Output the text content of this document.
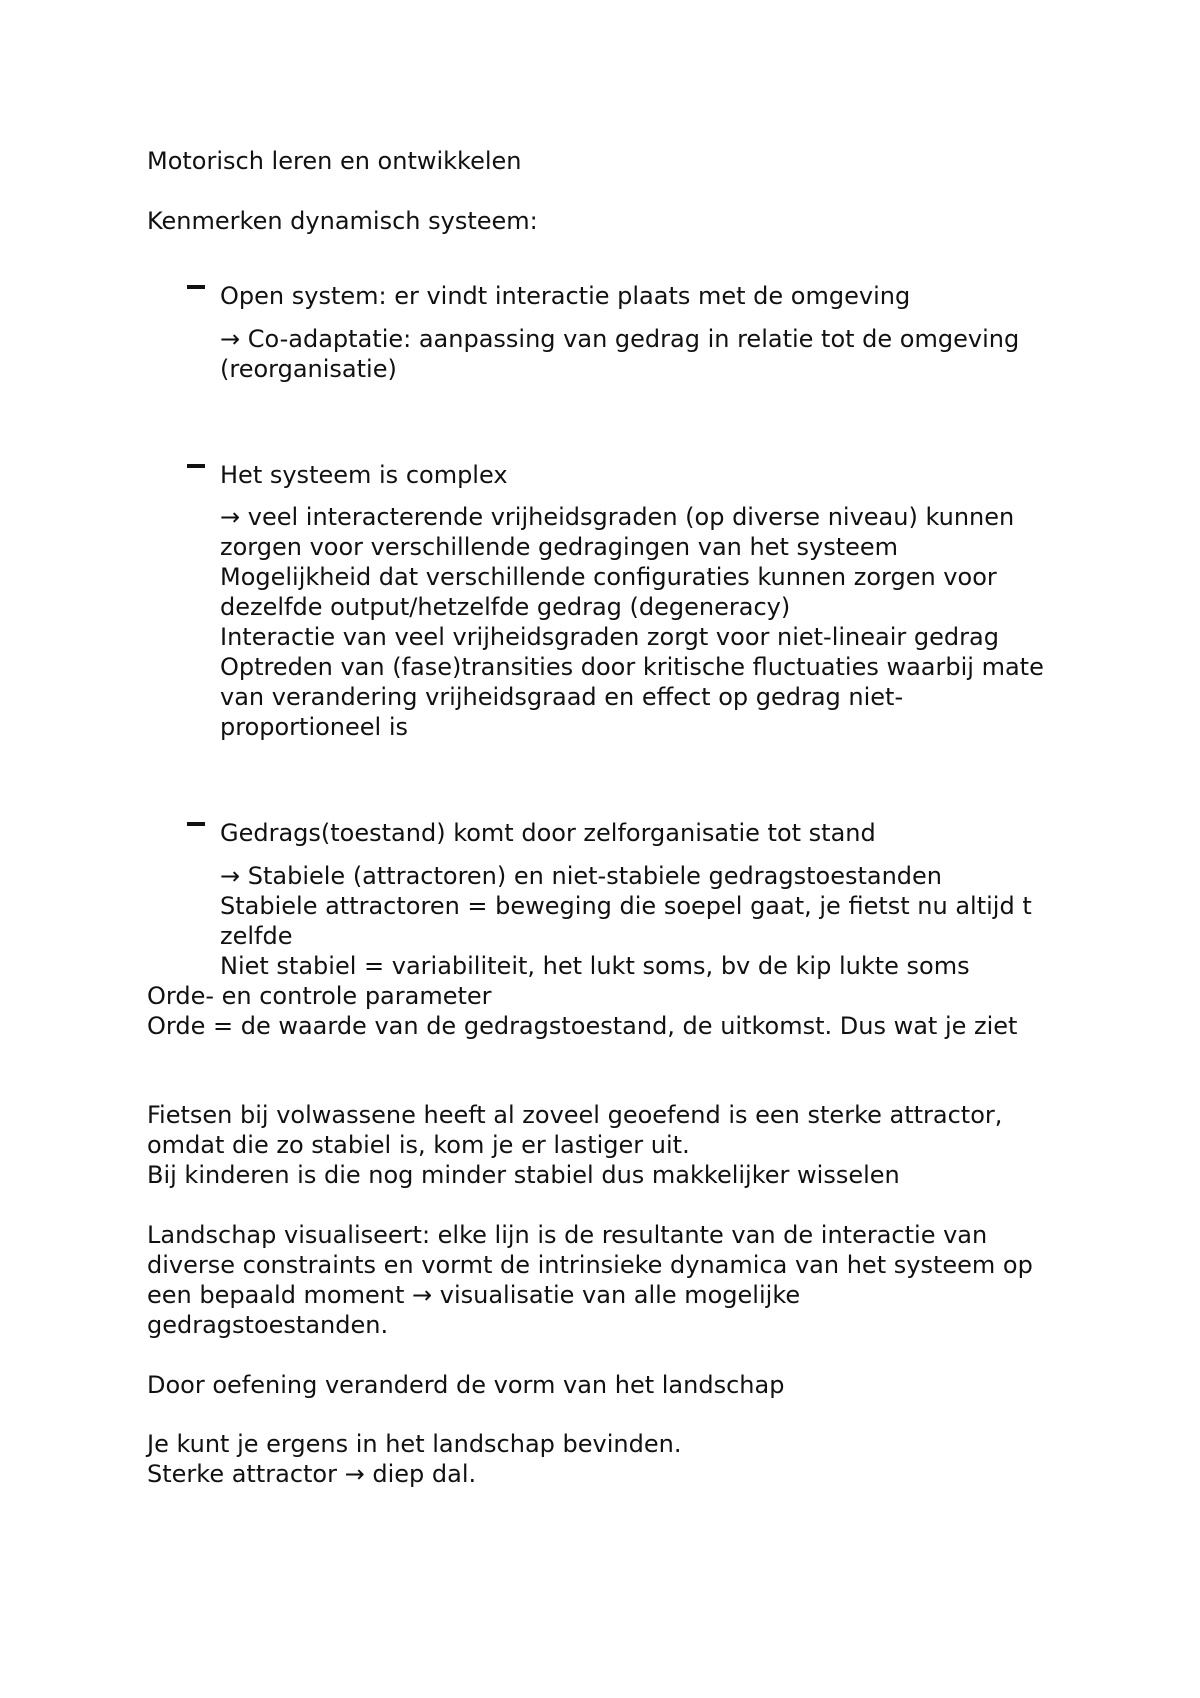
Motorisch leren en ontwikkelen

Kenmerken dynamisch systeem:

Open system: er vindt interactie plaats met de omgeving

→ Co-adaptatie: aanpassing van gedrag in relatie tot de omgeving

(reorganisatie)

Het systeem is complex

→ veel interacterende vrijheidsgraden (op diverse niveau) kunnen

zorgen voor verschillende gedragingen van het systeem

Mogelijkheid dat verschillende configuraties kunnen zorgen voor

dezelfde output/hetzelfde gedrag (degeneracy)

Interactie van veel vrijheidsgraden zorgt voor niet-lineair gedrag

Optreden van (fase)transities door kritische fluctuaties waarbij mate

van verandering vrijheidsgraad en effect op gedrag niet-

proportioneel is

Gedrags(toestand) komt door zelforganisatie tot stand

→ Stabiele (attractoren) en niet-stabiele gedragstoestanden

Stabiele attractoren = beweging die soepel gaat, je fietst nu altijd t

zelfde

Niet stabiel = variabiliteit, het lukt soms, bv de kip lukte soms

Orde- en controle parameter

Orde = de waarde van de gedragstoestand, de uitkomst. Dus wat je ziet

Fietsen bij volwassene heeft al zoveel geoefend is een sterke attractor,

omdat die zo stabiel is, kom je er lastiger uit.

Bij kinderen is die nog minder stabiel dus makkelijker wisselen

Landschap visualiseert: elke lijn is de resultante van de interactie van

diverse constraints en vormt de intrinsieke dynamica van het systeem op

een bepaald moment → visualisatie van alle mogelijke

gedragstoestanden.

Door oefening veranderd de vorm van het landschap

Je kunt je ergens in het landschap bevinden.

Sterke attractor → diep dal.
